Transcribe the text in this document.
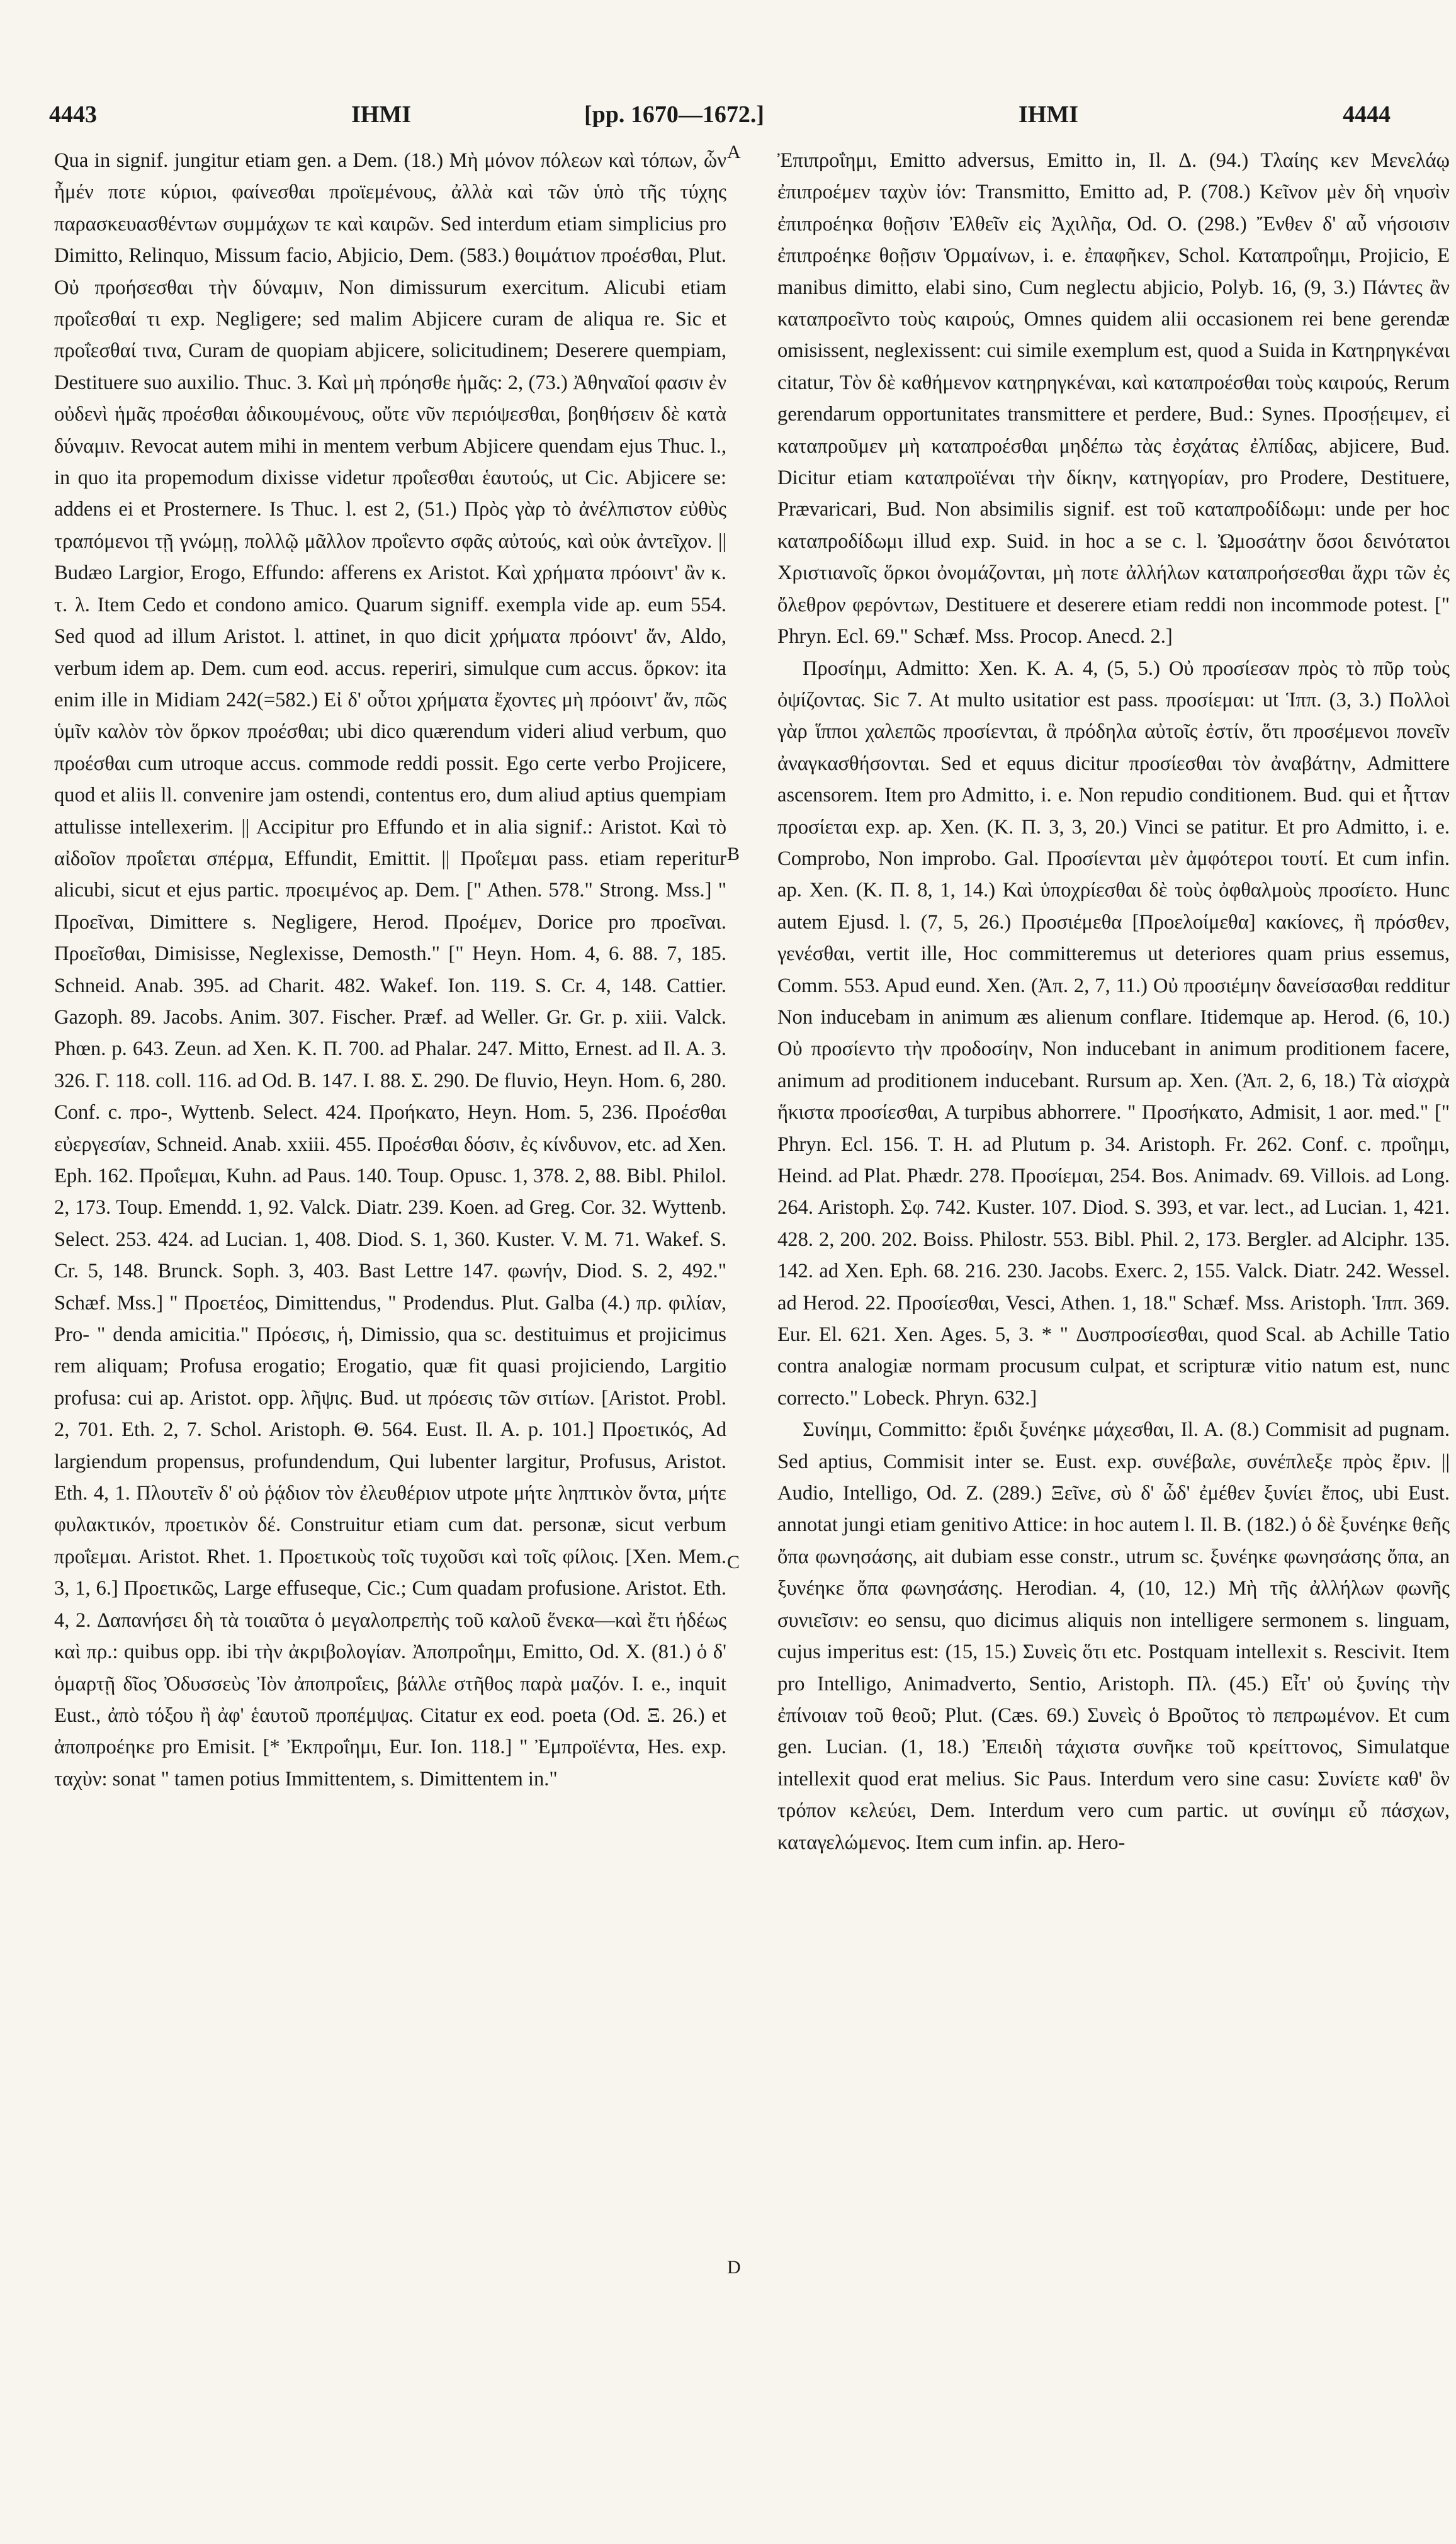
4443	IHMI	[pp. 1670—1672.]	IHMI	4444

Qua in signif. jungitur etiam gen. a Dem. (18.) Μὴ μόνον πόλεων καὶ τόπων, ὧν ἦμέν ποτε κύριοι, φαίνεσθαι προϊεμένους, ἀλλὰ καὶ τῶν ὑπὸ τῆς τύχης παρασκευασθέντων συμμάχων τε καὶ καιρῶν. Sed interdum etiam simplicius pro Dimitto, Relinquo, Missum facio, Abjicio, Dem. (583.) θοιμάτιον προέσθαι, Plut. Οὐ προήσεσθαι τὴν δύναμιν, Non dimissurum exercitum. Alicubi etiam προΐεσθαί τι exp. Negligere; sed malim Abjicere curam de aliqua re. Sic et προΐεσθαί τινα, Curam de quopiam abjicere, solicitudinem; Deserere quempiam, Destituere suo auxilio. Thuc. 3. Καὶ μὴ πρόησθε ἡμᾶς: 2, (73.) Ἀθηναῖοί φασιν ἐν οὐδενὶ ἡμᾶς προέσθαι ἀδικουμένους, οὔτε νῦν περιόψεσθαι, βοηθήσειν δὲ κατὰ δύναμιν. Revocat autem mihi in mentem verbum Abjicere quendam ejus Thuc. l., in quo ita propemodum dixisse videtur προΐεσθαι ἑαυτούς, ut Cic. Abjicere se: addens ei et Prosternere. Is Thuc. l. est 2, (51.) Πρὸς γὰρ τὸ ἀνέλπιστον εὐθὺς τραπόμενοι τῇ γνώμῃ, πολλῷ μᾶλλον προΐεντο σφᾶς αὐτούς, καὶ οὐκ ἀντεῖχον. || Budæo Largior, Erogo, Effundo: afferens ex Aristot. Καὶ χρήματα πρόοιντ' ἂν κ. τ. λ. Item Cedo et condono amico. Quarum signiff. exempla vide ap. eum 554. Sed quod ad illum Aristot. l. attinet, in quo dicit χρήματα πρόοιντ' ἄν, Aldo, verbum idem ap. Dem. cum eod. accus. reperiri, simulque cum accus. ὅρκον: ita enim ille in Midiam 242(=582.) Εἰ δ' οὗτοι χρήματα ἔχοντες μὴ πρόοιντ' ἄν, πῶς ὑμῖν καλὸν τὸν ὅρκον προέσθαι; ubi dico quærendum videri aliud verbum, quo προέσθαι cum utroque accus. commode reddi possit. Ego certe verbo Projicere, quod et aliis ll. convenire jam ostendi, contentus ero, dum aliud aptius quempiam attulisse intellexerim. || Accipitur pro Effundo et in alia signif.: Aristot. Καὶ τὸ αἰδοῖον προΐεται σπέρμα, Effundit, Emittit. || Προΐεμαι pass. etiam reperitur alicubi, sicut et ejus partic. προειμένος ap. Dem. [" Athen. 578." Strong. Mss.] " Προεῖναι, Dimittere s. Negligere, Herod. Προέμεν, Dorice pro προεῖναι. Προεῖσθαι, Dimisisse, Neglexisse, Demosth." [" Heyn. Hom. 4, 6. 88. 7, 185. Schneid. Anab. 395. ad Charit. 482. Wakef. Ion. 119. S. Cr. 4, 148. Cattier. Gazoph. 89. Jacobs. Anim. 307. Fischer. Præf. ad Weller. Gr. Gr. p. xiii. Valck. Phœn. p. 643. Zeun. ad Xen. K. Π. 700. ad Phalar. 247. Mitto, Ernest. ad Il. A. 3. 326. Γ. 118. coll. 116. ad Od. B. 147. I. 88. Σ. 290. De fluvio, Heyn. Hom. 6, 280. Conf. c. προ-, Wyttenb. Select. 424. Προήκατο, Heyn. Hom. 5, 236. Προέσθαι εὐεργεσίαν, Schneid. Anab. xxiii. 455. Προέσθαι δόσιν, ἐς κίνδυνον, etc. ad Xen. Eph. 162. Προΐεμαι, Kuhn. ad Paus. 140. Toup. Opusc. 1, 378. 2, 88. Bibl. Philol. 2, 173. Toup. Emendd. 1, 92. Valck. Diatr. 239. Koen. ad Greg. Cor. 32. Wyttenb. Select. 253. 424. ad Lucian. 1, 408. Diod. S. 1, 360. Kuster. V. M. 71. Wakef. S. Cr. 5, 148. Brunck. Soph. 3, 403. Bast Lettre 147. φωνήν, Diod. S. 2, 492." Schæf. Mss.] " Προετέος, Dimittendus, " Prodendus. Plut. Galba (4.) πρ. φιλίαν, Pro- " denda amicitia." Πρόεσις, ἡ, Dimissio, qua sc. destituimus et projicimus rem aliquam; Profusa erogatio; Erogatio, quæ fit quasi projiciendo, Largitio profusa: cui ap. Aristot. opp. λῆψις. Bud. ut πρόεσις τῶν σιτίων. [Aristot. Probl. 2, 701. Eth. 2, 7. Schol. Aristoph. Θ. 564. Eust. Il. A. p. 101.] Προετικός, Ad largiendum propensus, profundendum, Qui lubenter largitur, Profusus, Aristot. Eth. 4, 1. Πλουτεῖν δ' οὐ ῥᾴδιον τὸν ἐλευθέριον utpote μήτε ληπτικὸν ὄντα, μήτε φυλακτικόν, προετικὸν δέ. Construitur etiam cum dat. personæ, sicut verbum προΐεμαι. Aristot. Rhet. 1. Προετικοὺς τοῖς τυχοῦσι καὶ τοῖς φίλοις. [Xen. Mem. 3, 1, 6.] Προετικῶς, Large effuseque, Cic.; Cum quadam profusione. Aristot. Eth. 4, 2. Δαπανήσει δὴ τὰ τοιαῦτα ὁ μεγαλοπρεπὴς τοῦ καλοῦ ἕνεκα—καὶ ἔτι ἡδέως καὶ πρ.: quibus opp. ibi τὴν ἀκριβολογίαν. Ἀποπροΐημι, Emitto, Od. X. (81.) ὁ δ' ὁμαρτῇ δῖος Ὀδυσσεὺς Ἰὸν ἀποπροΐεις, βάλλε στῆθος παρὰ μαζόν. I. e., inquit Eust., ἀπὸ τόξου ἢ ἀφ' ἑαυτοῦ προπέμψας. Citatur ex eod. poeta (Od. Ξ. 26.) et ἀποπροέηκε pro Emisit. [* Ἐκπροΐημι, Eur. Ion. 118.] " Ἐμπροϊέντα, Hes. exp. ταχὺν: sonat " tamen potius Immittentem, s. Dimittentem in."

A
B
C
D

Ἐπιπροΐημι, Emitto adversus, Emitto in, Il. Δ. (94.) Τλαίης κεν Μενελάῳ ἐπιπροέμεν ταχὺν ἰόν: Transmitto, Emitto ad, P. (708.) Κεῖνον μὲν δὴ νηυσὶν ἐπιπροέηκα θοῇσιν Ἐλθεῖν εἰς Ἀχιλῆα, Od. O. (298.) Ἔνθεν δ' αὖ νήσοισιν ἐπιπροέηκε θοῇσιν Ὁρμαίνων, i. e. ἐπαφῆκεν, Schol. Καταπροΐημι, Projicio, E manibus dimitto, elabi sino, Cum neglectu abjicio, Polyb. 16, (9, 3.) Πάντες ἂν καταπροεῖντο τοὺς καιρούς, Omnes quidem alii occasionem rei bene gerendæ omisissent, neglexissent: cui simile exemplum est, quod a Suida in Κατηρηγκέναι citatur, Τὸν δὲ καθήμενον κατηρηγκέναι, καὶ καταπροέσθαι τοὺς καιρούς, Rerum gerendarum opportunitates transmittere et perdere, Bud.: Synes. Προσῄειμεν, εἰ καταπροῦμεν μὴ καταπροέσθαι μηδέπω τὰς ἐσχάτας ἐλπίδας, abjicere, Bud. Dicitur etiam καταπροϊέναι τὴν δίκην, κατηγορίαν, pro Prodere, Destituere, Prævaricari, Bud. Non absimilis signif. est τοῦ καταπροδίδωμι: unde per hoc καταπροδίδωμι illud exp. Suid. in hoc a se c. l. Ὠμοσάτην ὅσοι δεινότατοι Χριστιανοῖς ὅρκοι ὀνομάζονται, μὴ ποτε ἀλλήλων καταπροήσεσθαι ἄχρι τῶν ἐς ὄλεθρον φερόντων, Destituere et deserere etiam reddi non incommode potest. [" Phryn. Ecl. 69." Schæf. Mss. Procop. Anecd. 2.]

Προσίημι, Admitto: Xen. K. A. 4, (5, 5.) Οὐ προσίεσαν πρὸς τὸ πῦρ τοὺς ὀψίζοντας. Sic 7. At multo usitatior est pass. προσίεμαι: ut Ἱππ. (3, 3.) Πολλοὶ γὰρ ἵπποι χαλεπῶς προσίενται, ἃ πρόδηλα αὐτοῖς ἐστίν, ὅτι προσέμενοι πονεῖν ἀναγκασθήσονται. Sed et equus dicitur προσίεσθαι τὸν ἀναβάτην, Admittere ascensorem. Item pro Admitto, i. e. Non repudio conditionem. Bud. qui et ἧτταν προσίεται exp. ap. Xen. (K. Π. 3, 3, 20.) Vinci se patitur. Et pro Admitto, i. e. Comprobo, Non improbo. Gal. Προσίενται μὲν ἀμφότεροι τουτί. Et cum infin. ap. Xen. (K. Π. 8, 1, 14.) Καὶ ὑποχρίεσθαι δὲ τοὺς ὀφθαλμοὺς προσίετο. Hunc autem Ejusd. l. (7, 5, 26.) Προσιέμεθα [Προελοίμεθα] κακίονες, ἢ πρόσθεν, γενέσθαι, vertit ille, Hoc committeremus ut deteriores quam prius essemus, Comm. 553. Apud eund. Xen. (Ἀπ. 2, 7, 11.) Οὐ προσιέμην δανείσασθαι redditur Non inducebam in animum æs alienum conflare. Itidemque ap. Herod. (6, 10.) Οὐ προσίεντο τὴν προδοσίην, Non inducebant in animum proditionem facere, animum ad proditionem inducebant. Rursum ap. Xen. (Ἀπ. 2, 6, 18.) Τὰ αἰσχρὰ ἥκιστα προσίεσθαι, A turpibus abhorrere. " Προσήκατο, Admisit, 1 aor. med." [" Phryn. Ecl. 156. T. H. ad Plutum p. 34. Aristoph. Fr. 262. Conf. c. προΐημι, Heind. ad Plat. Phædr. 278. Προσίεμαι, 254. Bos. Animadv. 69. Villois. ad Long. 264. Aristoph. Σφ. 742. Kuster. 107. Diod. S. 393, et var. lect., ad Lucian. 1, 421. 428. 2, 200. 202. Boiss. Philostr. 553. Bibl. Phil. 2, 173. Bergler. ad Alciphr. 135. 142. ad Xen. Eph. 68. 216. 230. Jacobs. Exerc. 2, 155. Valck. Diatr. 242. Wessel. ad Herod. 22. Προσίεσθαι, Vesci, Athen. 1, 18." Schæf. Mss. Aristoph. Ἱππ. 369. Eur. El. 621. Xen. Ages. 5, 3. * " Δυσπροσίεσθαι, quod Scal. ab Achille Tatio contra analogiæ normam procusum culpat, et scripturæ vitio natum est, nunc correcto." Lobeck. Phryn. 632.]

Συνίημι, Committo: ἔριδι ξυνέηκε μάχεσθαι, Il. A. (8.) Commisit ad pugnam. Sed aptius, Commisit inter se. Eust. exp. συνέβαλε, συνέπλεξε πρὸς ἔριν. || Audio, Intelligo, Od. Z. (289.) Ξεῖνε, σὺ δ' ὧδ' ἐμέθεν ξυνίει ἔπος, ubi Eust. annotat jungi etiam genitivo Attice: in hoc autem l. Il. B. (182.) ὁ δὲ ξυνέηκε θεῆς ὄπα φωνησάσης, ait dubiam esse constr., utrum sc. ξυνέηκε φωνησάσης ὄπα, an ξυνέηκε ὄπα φωνησάσης. Herodian. 4, (10, 12.) Μὴ τῆς ἀλλήλων φωνῆς συνιεῖσιν: eo sensu, quo dicimus aliquis non intelligere sermonem s. linguam, cujus imperitus est: (15, 15.) Συνεὶς ὅτι etc. Postquam intellexit s. Rescivit. Item pro Intelligo, Animadverto, Sentio, Aristoph. Πλ. (45.) Εἶτ' οὐ ξυνίης τὴν ἐπίνοιαν τοῦ θεοῦ; Plut. (Cæs. 69.) Συνεὶς ὁ Βροῦτος τὸ πεπρωμένον. Et cum gen. Lucian. (1, 18.) Ἐπειδὴ τάχιστα συνῆκε τοῦ κρείττονος, Simulatque intellexit quod erat melius. Sic Paus. Interdum vero sine casu: Συνίετε καθ' ὃν τρόπον κελεύει, Dem. Interdum vero cum partic. ut συνίημι εὖ πάσχων, καταγελώμενος. Item cum infin. ap. Hero-
